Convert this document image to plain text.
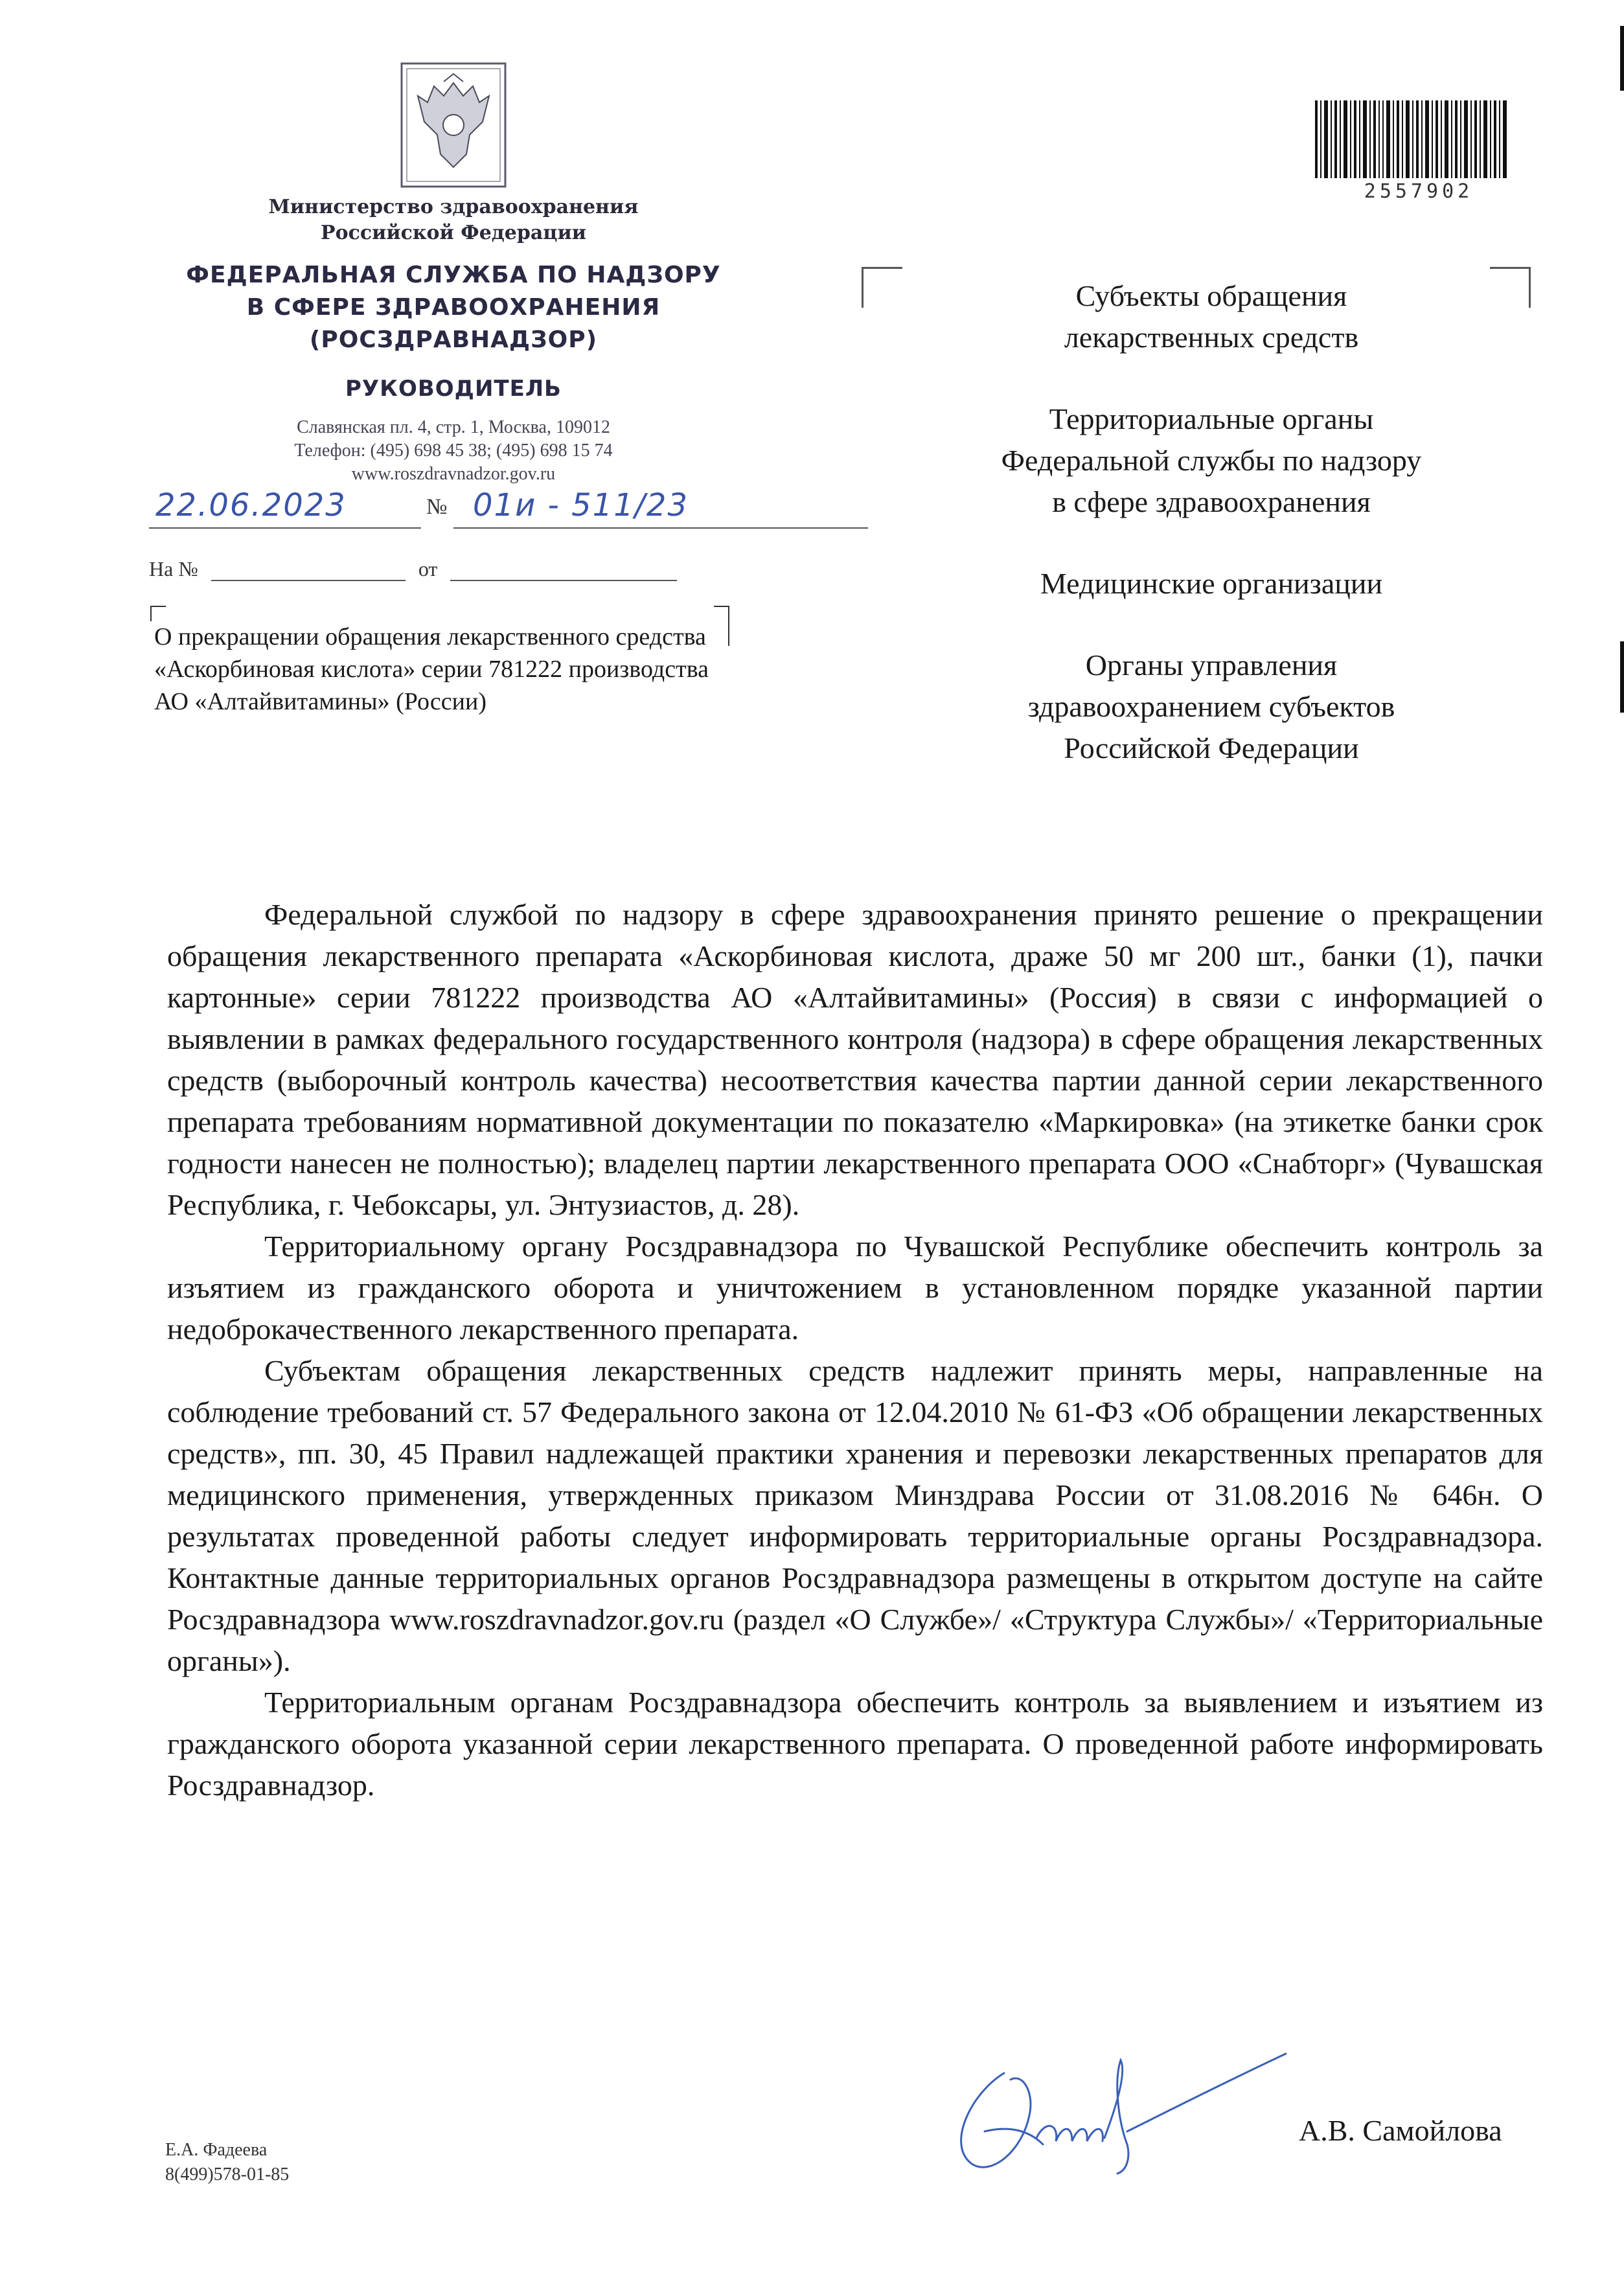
Министерство здравоохранения
Российской Федерации
ФЕДЕРАЛЬНАЯ СЛУЖБА ПО НАДЗОРУ
В СФЕРЕ ЗДРАВООХРАНЕНИЯ
(РОСЗДРАВНАДЗОР)
РУКОВОДИТЕЛЬ
Славянская пл. 4, стр. 1, Москва, 109012
Телефон: (495) 698 45 38; (495) 698 15 74
www.roszdravnadzor.gov.ru
22.06.2023	№ 01и - 511/23
На №	от
О прекращении обращения лекарственного средства «Аскорбиновая кислота» серии 781222 производства АО «Алтайвитамины» (России)
2557902
Субъекты обращения
лекарственных средств
Территориальные органы
Федеральной службы по надзору
в сфере здравоохранения
Медицинские организации
Органы управления
здравоохранением субъектов
Российской Федерации

Федеральной службой по надзору в сфере здравоохранения принято решение о прекращении обращения лекарственного препарата «Аскорбиновая кислота, драже 50 мг 200 шт., банки (1), пачки картонные» серии 781222 производства АО «Алтайвитамины» (Россия) в связи с информацией о выявлении в рамках федерального государственного контроля (надзора) в сфере обращения лекарственных средств (выборочный контроль качества) несоответствия качества партии данной серии лекарственного препарата требованиям нормативной документации по показателю «Маркировка» (на этикетке банки срок годности нанесен не полностью); владелец партии лекарственного препарата ООО «Снабторг» (Чувашская Республика, г. Чебоксары, ул. Энтузиастов, д. 28).

Территориальному органу Росздравнадзора по Чувашской Республике обеспечить контроль за изъятием из гражданского оборота и уничтожением в установленном порядке указанной партии недоброкачественного лекарственного препарата.

Субъектам обращения лекарственных средств надлежит принять меры, направленные на соблюдение требований ст. 57 Федерального закона от 12.04.2010 № 61-ФЗ «Об обращении лекарственных средств», пп. 30, 45 Правил надлежащей практики хранения и перевозки лекарственных препаратов для медицинского применения, утвержденных приказом Минздрава России от 31.08.2016 № 646н. О результатах проведенной работы следует информировать территориальные органы Росздравнадзора. Контактные данные территориальных органов Росздравнадзора размещены в открытом доступе на сайте Росздравнадзора www.roszdravnadzor.gov.ru (раздел «О Службе»/ «Структура Службы»/ «Территориальные органы»).

Территориальным органам Росздравнадзора обеспечить контроль за выявлением и изъятием из гражданского оборота указанной серии лекарственного препарата. О проведенной работе информировать Росздравнадзор.

А.В. Самойлова
Е.А. Фадеева
8(499)578-01-85
